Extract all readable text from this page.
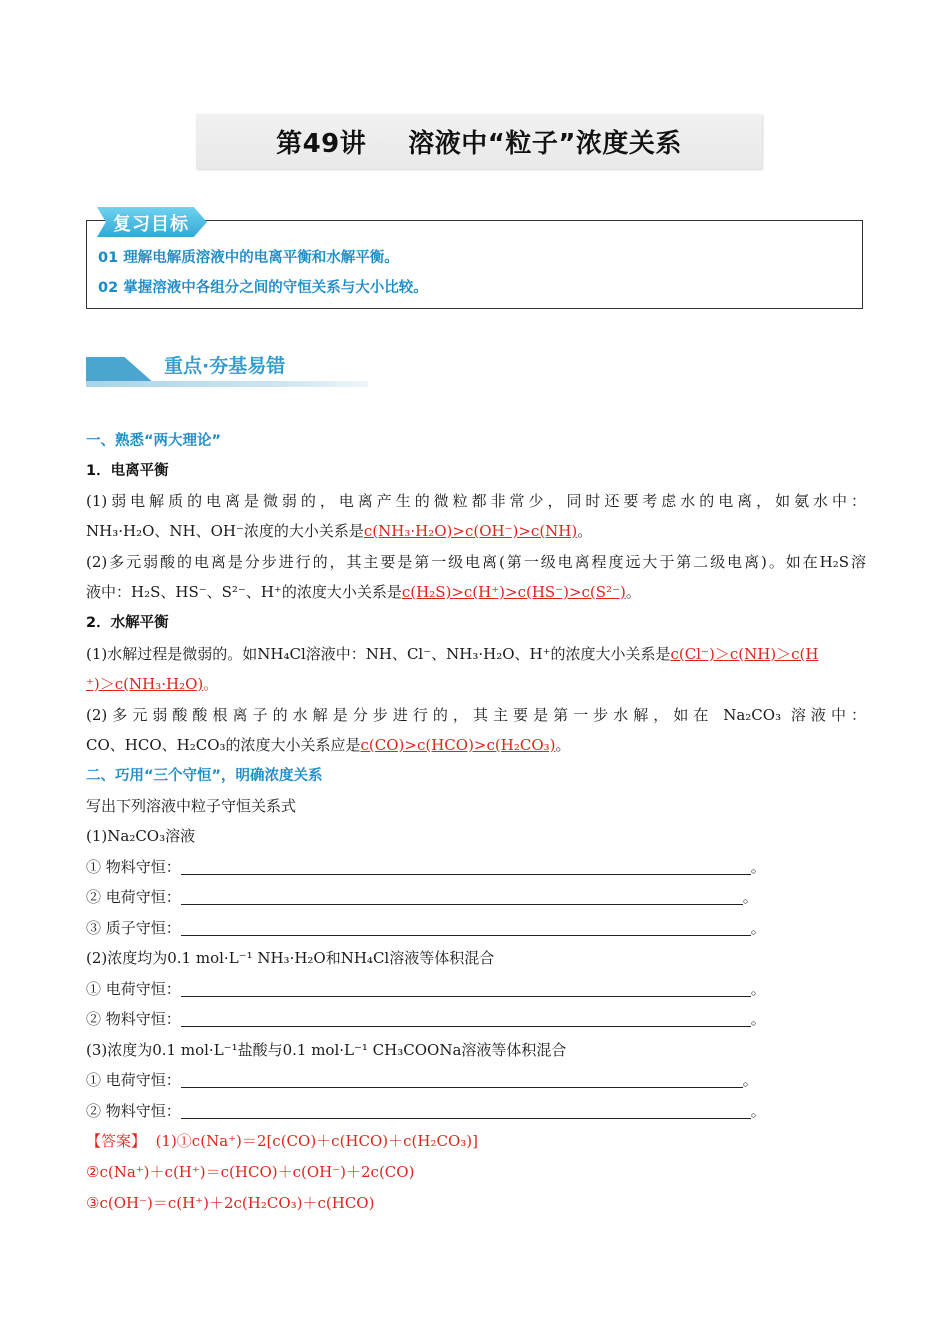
第49讲 溶液中“粒子”浓度关系
复习目标
01 理解电解质溶液中的电离平衡和水解平衡。
02 掌握溶液中各组分之间的守恒关系与大小比较。
重点·夯基易错
一、熟悉“两大理论”
1．电离平衡
(1)弱电解质的电离是微弱的，电离产生的微粒都非常少，同时还要考虑水的电离，如氨水中：
NH₃·H₂O、NH、OH⁻浓度的大小关系是c(NH₃·H₂O)>c(OH⁻)>c(NH)。
(2)多元弱酸的电离是分步进行的，其主要是第一级电离(第一级电离程度远大于第二级电离)。如在H₂S溶
液中：H₂S、HS⁻、S²⁻、H⁺的浓度大小关系是c(H₂S)>c(H⁺)>c(HS⁻)>c(S²⁻)。
2．水解平衡
(1)水解过程是微弱的。如NH₄Cl溶液中：NH、Cl⁻、NH₃·H₂O、H⁺的浓度大小关系是c(Cl⁻)＞c(NH)＞c(H
⁺)＞c(NH₃·H₂O)。
(2)多元弱酸酸根离子的水解是分步进行的，其主要是第一步水解，如在 Na₂CO₃ 溶液中：
CO、HCO、H₂CO₃的浓度大小关系应是c(CO)>c(HCO)>c(H₂CO₃)。
二、巧用“三个守恒”，明确浓度关系
写出下列溶液中粒子守恒关系式
(1)Na₂CO₃溶液
① 物料守恒：	。
② 电荷守恒：	。
③ 质子守恒：	。
(2)浓度均为0.1 mol·L⁻¹ NH₃·H₂O和NH₄Cl溶液等体积混合
① 电荷守恒：	。
② 物料守恒：	。
(3)浓度为0.1 mol·L⁻¹盐酸与0.1 mol·L⁻¹ CH₃COONa溶液等体积混合
① 电荷守恒：	。
② 物料守恒：	。
【答案】 (1)①c(Na⁺)＝2[c(CO)＋c(HCO)＋c(H₂CO₃)]
②c(Na⁺)＋c(H⁺)＝c(HCO)＋c(OH⁻)＋2c(CO)
③c(OH⁻)＝c(H⁺)＋2c(H₂CO₃)＋c(HCO)
